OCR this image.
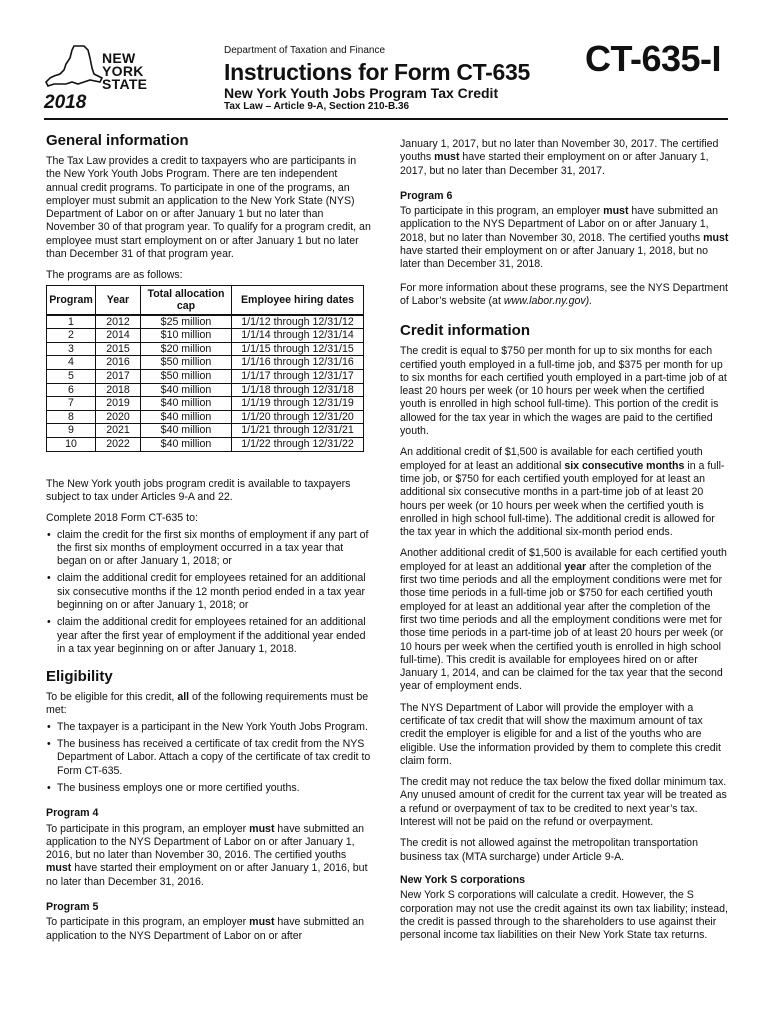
NEW
YORK
STATE
2018
Department of Taxation and Finance
Instructions for Form CT-635
New York Youth Jobs Program Tax Credit
Tax Law – Article 9-A, Section 210-B.36
CT-635-I
General information

The Tax Law provides a credit to taxpayers who are participants in the New York Youth Jobs Program. There are ten independent annual credit programs. To participate in one of the programs, an employer must submit an application to the New York State (NYS) Department of Labor on or after January 1 but no later than November 30 of that program year. To qualify for a program credit, an employee must start employment on or after January 1 but no later than December 31 of that program year.

The programs are as follows:

Program	Year	Total allocation cap	Employee hiring dates
1	2012	$25 million	1/1/12 through 12/31/12
2	2014	$10 million	1/1/14 through 12/31/14
3	2015	$20 million	1/1/15 through 12/31/15
4	2016	$50 million	1/1/16 through 12/31/16
5	2017	$50 million	1/1/17 through 12/31/17
6	2018	$40 million	1/1/18 through 12/31/18
7	2019	$40 million	1/1/19 through 12/31/19
8	2020	$40 million	1/1/20 through 12/31/20
9	2021	$40 million	1/1/21 through 12/31/21
10	2022	$40 million	1/1/22 through 12/31/22

The New York youth jobs program credit is available to taxpayers subject to tax under Articles 9-A and 22.

Complete 2018 Form CT-635 to:

• claim the credit for the first six months of employment if any part of the first six months of employment occurred in a tax year that began on or after January 1, 2018; or
• claim the additional credit for employees retained for an additional six consecutive months if the 12 month period ended in a tax year beginning on or after January 1, 2018; or
• claim the additional credit for employees retained for an additional year after the first year of employment if the additional year ended in a tax year beginning on or after January 1, 2018.
Eligibility

To be eligible for this credit, all of the following requirements must be met:

• The taxpayer is a participant in the New York Youth Jobs Program.
• The business has received a certificate of tax credit from the NYS Department of Labor. Attach a copy of the certificate of tax credit to Form CT-635.
• The business employs one or more certified youths.
Program 4

To participate in this program, an employer must have submitted an application to the NYS Department of Labor on or after January 1, 2016, but no later than November 30, 2016. The certified youths must have started their employment on or after January 1, 2016, but no later than December 31, 2016.

Program 5

To participate in this program, an employer must have submitted an application to the NYS Department of Labor on or after

January 1, 2017, but no later than November 30, 2017. The certified youths must have started their employment on or after January 1, 2017, but no later than December 31, 2017.

Program 6

To participate in this program, an employer must have submitted an application to the NYS Department of Labor on or after January 1, 2018, but no later than November 30, 2018. The certified youths must have started their employment on or after January 1, 2018, but no later than December 31, 2018.

For more information about these programs, see the NYS Department of Labor’s website (at www.labor.ny.gov).

Credit information

The credit is equal to $750 per month for up to six months for each certified youth employed in a full-time job, and $375 per month for up to six months for each certified youth employed in a part-time job of at least 20 hours per week (or 10 hours per week when the certified youth is enrolled in high school full-time). This portion of the credit is allowed for the tax year in which the wages are paid to the certified youth.

An additional credit of $1,500 is available for each certified youth employed for at least an additional six consecutive months in a full-time job, or $750 for each certified youth employed for at least an additional six consecutive months in a part-time job of at least 20 hours per week (or 10 hours per week when the certified youth is enrolled in high school full-time). The additional credit is allowed for the tax year in which the additional six-month period ends.

Another additional credit of $1,500 is available for each certified youth employed for at least an additional year after the completion of the first two time periods and all the employment conditions were met for those time periods in a full-time job or $750 for each certified youth employed for at least an additional year after the completion of the first two time periods and all the employment conditions were met for those time periods in a part-time job of at least 20 hours per week (or 10 hours per week when the certified youth is enrolled in high school full-time). This credit is available for employees hired on or after January 1, 2014, and can be claimed for the tax year that the second year of employment ends.

The NYS Department of Labor will provide the employer with a certificate of tax credit that will show the maximum amount of tax credit the employer is eligible for and a list of the youths who are eligible. Use the information provided by them to complete this credit claim form.

The credit may not reduce the tax below the fixed dollar minimum tax. Any unused amount of credit for the current tax year will be treated as a refund or overpayment of tax to be credited to next year’s tax. Interest will not be paid on the refund or overpayment.

The credit is not allowed against the metropolitan transportation business tax (MTA surcharge) under Article 9-A.

New York S corporations

New York S corporations will calculate a credit. However, the S corporation may not use the credit against its own tax liability; instead, the credit is passed through to the shareholders to use against their personal income tax liabilities on their New York State tax returns.
